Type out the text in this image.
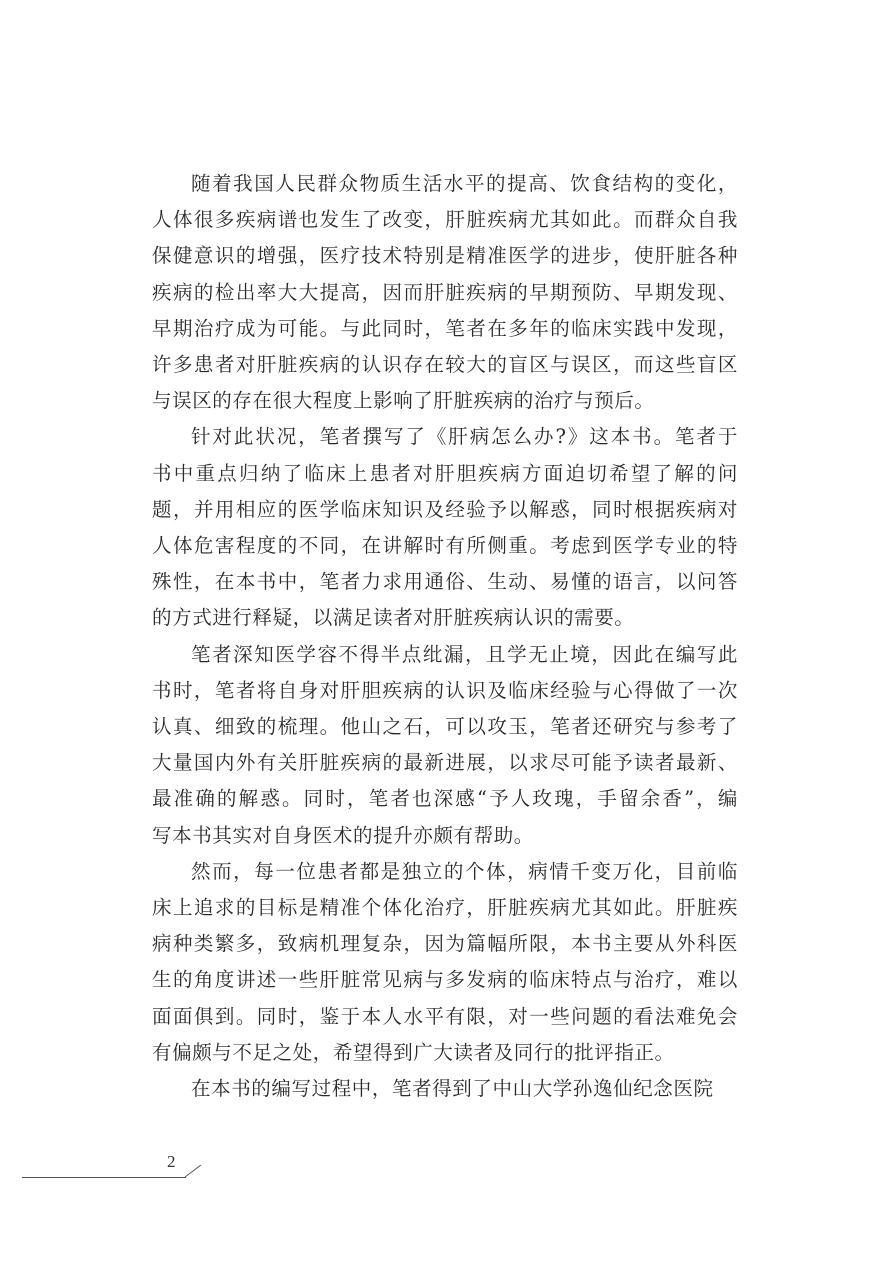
随着我国人民群众物质生活水平的提高、饮食结构的变化，
人体很多疾病谱也发生了改变，肝脏疾病尤其如此。而群众自我
保健意识的增强，医疗技术特别是精准医学的进步，使肝脏各种
疾病的检出率大大提高，因而肝脏疾病的早期预防、早期发现、
早期治疗成为可能。与此同时，笔者在多年的临床实践中发现，
许多患者对肝脏疾病的认识存在较大的盲区与误区，而这些盲区
与误区的存在很大程度上影响了肝脏疾病的治疗与预后。
针对此状况，笔者撰写了《肝病怎么办?》这本书。笔者于
书中重点归纳了临床上患者对肝胆疾病方面迫切希望了解的问
题，并用相应的医学临床知识及经验予以解惑，同时根据疾病对
人体危害程度的不同，在讲解时有所侧重。考虑到医学专业的特
殊性，在本书中，笔者力求用通俗、生动、易懂的语言，以问答
的方式进行释疑，以满足读者对肝脏疾病认识的需要。
笔者深知医学容不得半点纰漏，且学无止境，因此在编写此
书时，笔者将自身对肝胆疾病的认识及临床经验与心得做了一次
认真、细致的梳理。他山之石，可以攻玉，笔者还研究与参考了
大量国内外有关肝脏疾病的最新进展，以求尽可能予读者最新、
最准确的解惑。同时，笔者也深感“予人玫瑰，手留余香”，编
写本书其实对自身医术的提升亦颇有帮助。
然而，每一位患者都是独立的个体，病情千变万化，目前临
床上追求的目标是精准个体化治疗，肝脏疾病尤其如此。肝脏疾
病种类繁多，致病机理复杂，因为篇幅所限，本书主要从外科医
生的角度讲述一些肝脏常见病与多发病的临床特点与治疗，难以
面面俱到。同时，鉴于本人水平有限，对一些问题的看法难免会
有偏颇与不足之处，希望得到广大读者及同行的批评指正。
在本书的编写过程中，笔者得到了中山大学孙逸仙纪念医院
2
